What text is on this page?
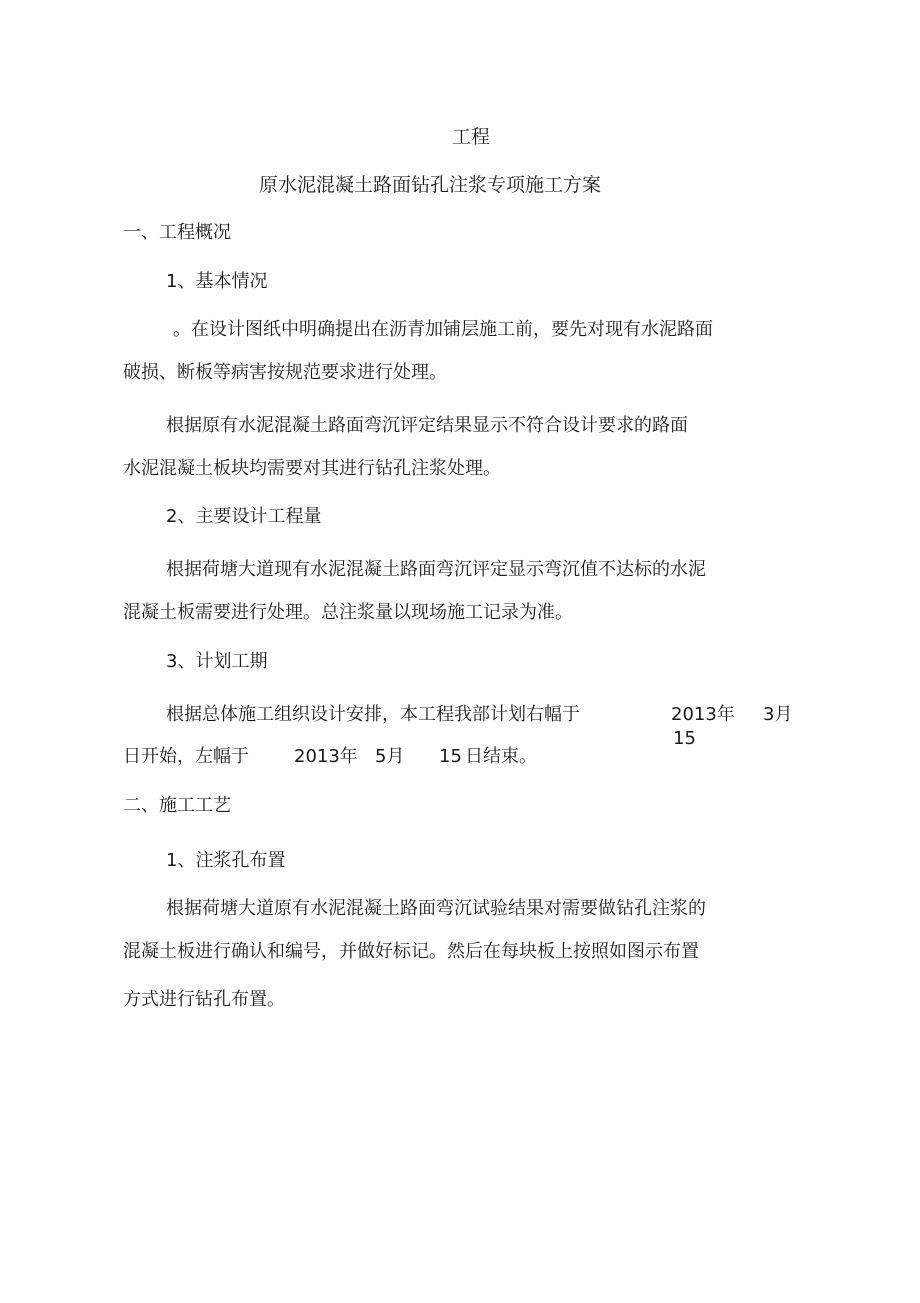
工程
原水泥混凝土路面钻孔注浆专项施工方案
一、工程概况
1、基本情况
。在设计图纸中明确提出在沥青加铺层施工前，要先对现有水泥路面
破损、断板等病害按规范要求进行处理。
根据原有水泥混凝土路面弯沉评定结果显示不符合设计要求的路面
水泥混凝土板块均需要对其进行钻孔注浆处理。
2、主要设计工程量
根据荷塘大道现有水泥混凝土路面弯沉评定显示弯沉值不达标的水泥
混凝土板需要进行处理。总注浆量以现场施工记录为准。
3、计划工期
根据总体施工组织设计安排，本工程我部计划右幅于	2013年 3月
15
日开始，左幅于	2013年 5月 15 日结束。
二、施工工艺
1、注浆孔布置
根据荷塘大道原有水泥混凝土路面弯沉试验结果对需要做钻孔注浆的
混凝土板进行确认和编号，并做好标记。然后在每块板上按照如图示布置
方式进行钻孔布置。
